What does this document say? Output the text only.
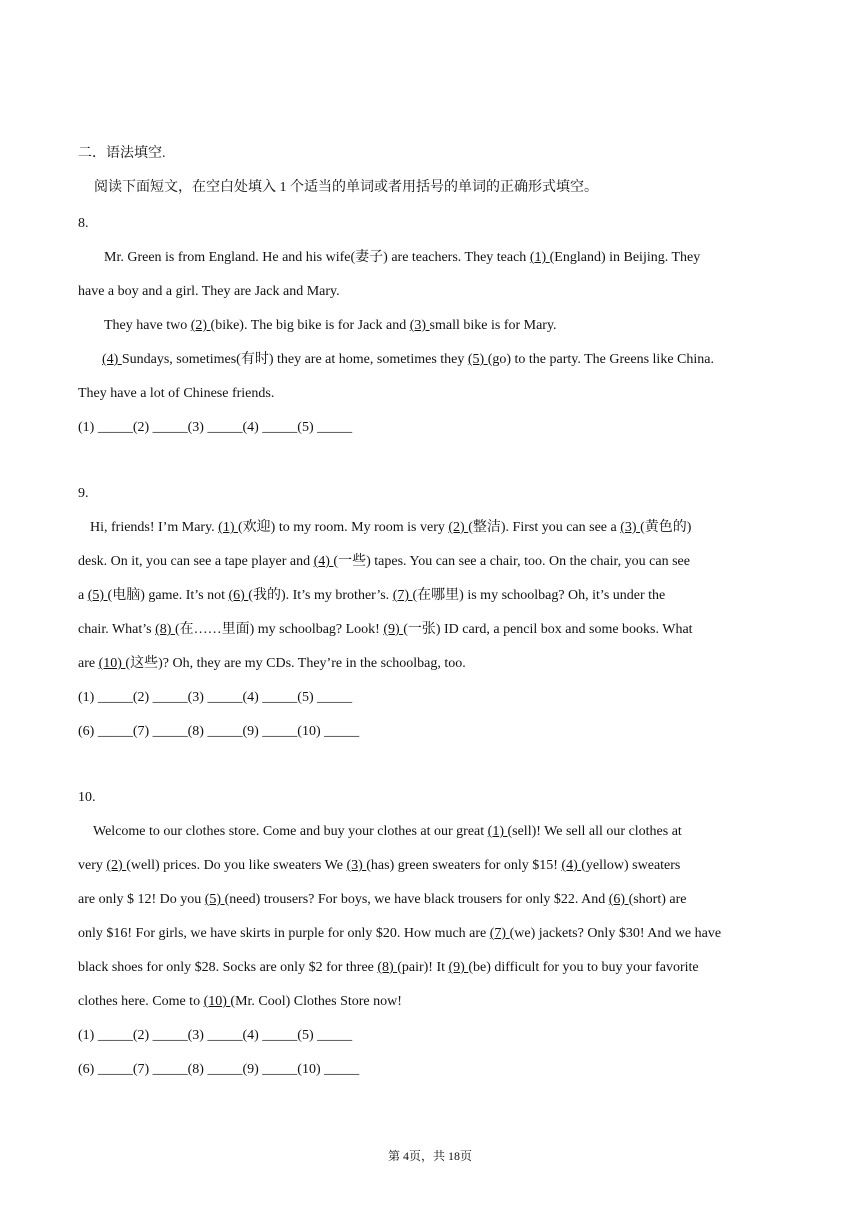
二．语法填空.
阅读下面短文，在空白处填入 1 个适当的单词或者用括号的单词的正确形式填空。
8.
Mr. Green is from England. He and his wife(妻子) are teachers. They teach (1) (England) in Beijing. They
have a boy and a girl. They are Jack and Mary.
They have two (2) (bike). The big bike is for Jack and (3) small bike is for Mary.
(4) Sundays, sometimes(有时) they are at home, sometimes they (5) (go) to the party. The Greens like China.
They have a lot of Chinese friends.
(1) _____(2) _____(3) _____(4) _____(5) _____
9.
Hi, friends! I’m Mary. (1) (欢迎) to my room. My room is very (2) (整洁). First you can see a (3) (黄色的)
desk. On it, you can see a tape player and (4) (一些) tapes. You can see a chair, too. On the chair, you can see
a (5) (电脑) game. It’s not (6) (我的). It’s my brother’s. (7) (在哪里) is my schoolbag? Oh, it’s under the
chair. What’s (8) (在……里面) my schoolbag? Look! (9) (一张) ID card, a pencil box and some books. What
are (10) (这些)? Oh, they are my CDs. They’re in the schoolbag, too.
(1) _____(2) _____(3) _____(4) _____(5) _____
(6) _____(7) _____(8) _____(9) _____(10) _____
10.
Welcome to our clothes store. Come and buy your clothes at our great (1) (sell)! We sell all our clothes at
very (2) (well) prices. Do you like sweaters We (3) (has) green sweaters for only $15! (4) (yellow) sweaters
are only $ 12! Do you (5) (need) trousers? For boys, we have black trousers for only $22. And (6) (short) are
only $16! For girls, we have skirts in purple for only $20. How much are (7) (we) jackets? Only $30! And we have
black shoes for only $28. Socks are only $2 for three (8) (pair)! It (9) (be) difficult for you to buy your favorite
clothes here. Come to (10) (Mr. Cool) Clothes Store now!
(1) _____(2) _____(3) _____(4) _____(5) _____
(6) _____(7) _____(8) _____(9) _____(10) _____
第 4页，共 18页
